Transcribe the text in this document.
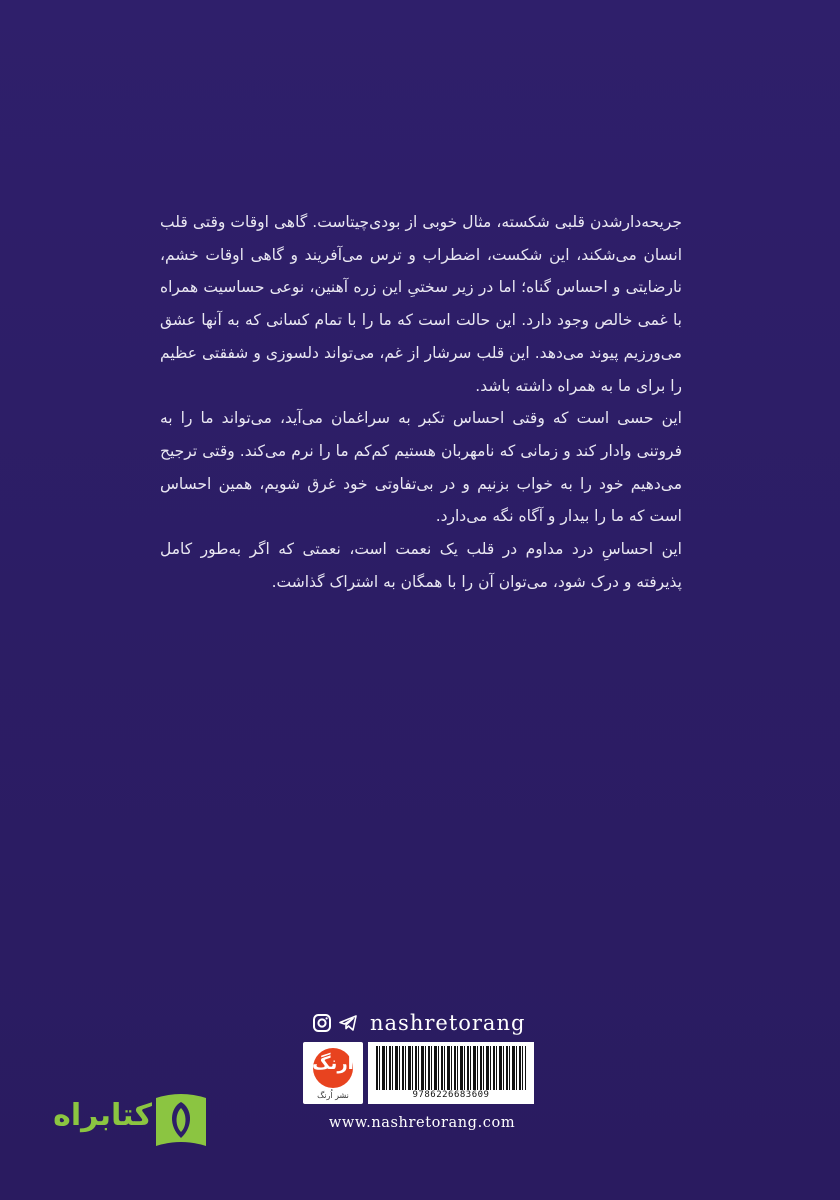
جریحه‌دارشدن قلبی شکسته، مثال خوبی از بودی‌چیتاست. گاهی اوقات وقتی قلب انسان می‌شکند، این شکست، اضطراب و ترس می‌آفریند و گاهی اوقات خشم، نارضایتی و احساس گناه؛ اما در زیر سختیِ این زره آهنین، نوعی حساسیت همراه با غمی خالص وجود دارد. این حالت است که ما را با تمام کسانی که به آنها عشق می‌ورزیم پیوند می‌دهد. این قلب سرشار از غم، می‌تواند دلسوزی و شفقتی عظیم را برای ما به همراه داشته باشد.

این حسی است که وقتی احساس تکبر به سراغمان می‌آید، می‌تواند ما را به فروتنی وادار کند و زمانی که نامهربان هستیم کم‌کم ما را نرم می‌کند. وقتی ترجیح می‌دهیم خود را به خواب بزنیم و در بی‌تفاوتی خود غرق شویم، همین احساس است که ما را بیدار و آگاه نگه می‌دارد.

این احساسِ درد مداوم در قلب یک نعمت است، نعمتی که اگر به‌طور کامل پذیرفته و درک شود، می‌توان آن را با همگان به اشتراک گذاشت.

nashretorang
اُرنگ
نشر اُرنگ	9786226683609
www.nashretorang.com
کتابراه
